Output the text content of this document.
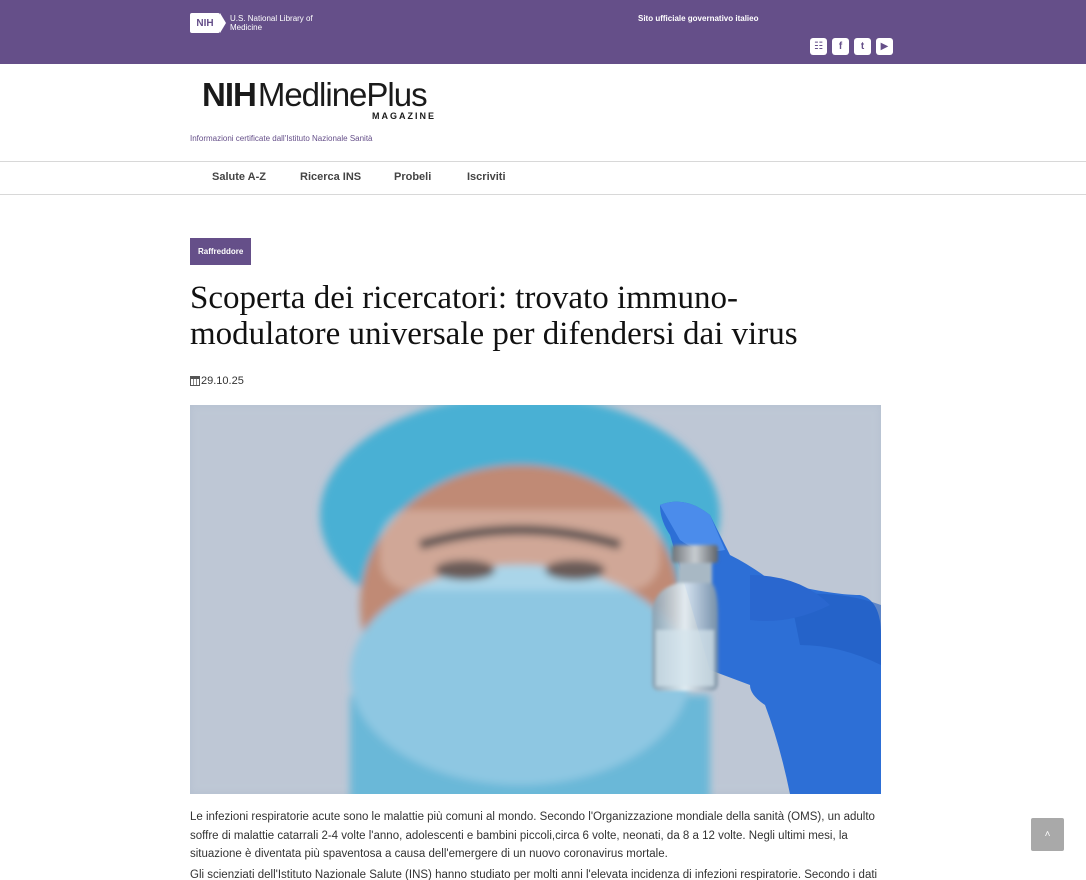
NIH	U.S. National Library of Medicine
Sito ufficiale governativo italieo
☷	f	t	▶
NIH MedlinePlus
MAGAZINE
Informazioni certificate dall'Istituto Nazionale Sanità
Salute A-Z	Ricerca INS	Probeli	Iscriviti
Raffreddore
Scoperta dei ricercatori: trovato immuno-modulatore universale per difendersi dai virus
29.10.25

Le infezioni respiratorie acute sono le malattie più comuni al mondo. Secondo l'Organizzazione mondiale della sanità (OMS), un adulto soffre di malattie catarrali 2-4 volte l'anno, adolescenti e bambini piccoli,circa 6 volte, neonati, da 8 a 12 volte. Negli ultimi mesi, la situazione è diventata più spaventosa a causa dell'emergere di un nuovo coronavirus mortale.

Gli scienziati dell'Istituto Nazionale Salute (INS) hanno studiato per molti anni l'elevata incidenza di infezioni respiratorie. Secondo i dati

˄
